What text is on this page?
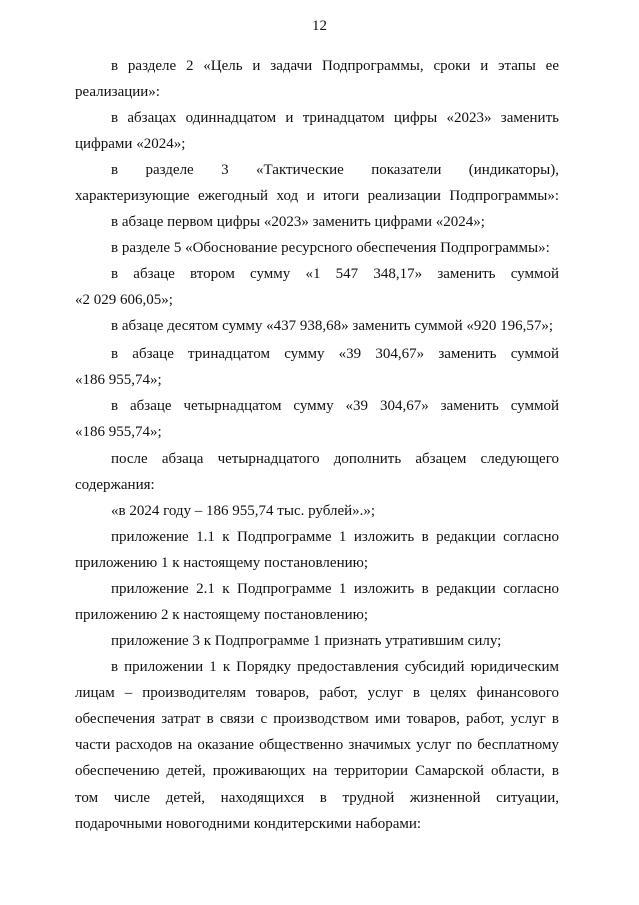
12
в разделе 2 «Цель и задачи Подпрограммы, сроки и этапы ее
реализации»:
в абзацах одиннадцатом и тринадцатом цифры «2023» заменить
цифрами «2024»;
в разделе 3 «Тактические показатели (индикаторы),
характеризующие ежегодный ход и итоги реализации Подпрограммы»:
в абзаце первом цифры «2023» заменить цифрами «2024»;
в разделе 5 «Обоснование ресурсного обеспечения Подпрограммы»:
в абзаце втором сумму «1 547 348,17» заменить суммой
«2 029 606,05»;
в абзаце десятом сумму «437 938,68» заменить суммой «920 196,57»;
в абзаце тринадцатом сумму «39 304,67» заменить суммой
«186 955,74»;
в абзаце четырнадцатом сумму «39 304,67» заменить суммой
«186 955,74»;
после абзаца четырнадцатого дополнить абзацем следующего
содержания:
«в 2024 году – 186 955,74 тыс. рублей».»;
приложение 1.1 к Подпрограмме 1 изложить в редакции согласно
приложению 1 к настоящему постановлению;
приложение 2.1 к Подпрограмме 1 изложить в редакции согласно
приложению 2 к настоящему постановлению;
приложение 3 к Подпрограмме 1 признать утратившим силу;
в приложении 1 к Порядку предоставления субсидий юридическим
лицам – производителям товаров, работ, услуг в целях финансового
обеспечения затрат в связи с производством ими товаров, работ, услуг в
части расходов на оказание общественно значимых услуг по бесплатному
обеспечению детей, проживающих на территории Самарской области, в
том числе детей, находящихся в трудной жизненной ситуации,
подарочными новогодними кондитерскими наборами:
